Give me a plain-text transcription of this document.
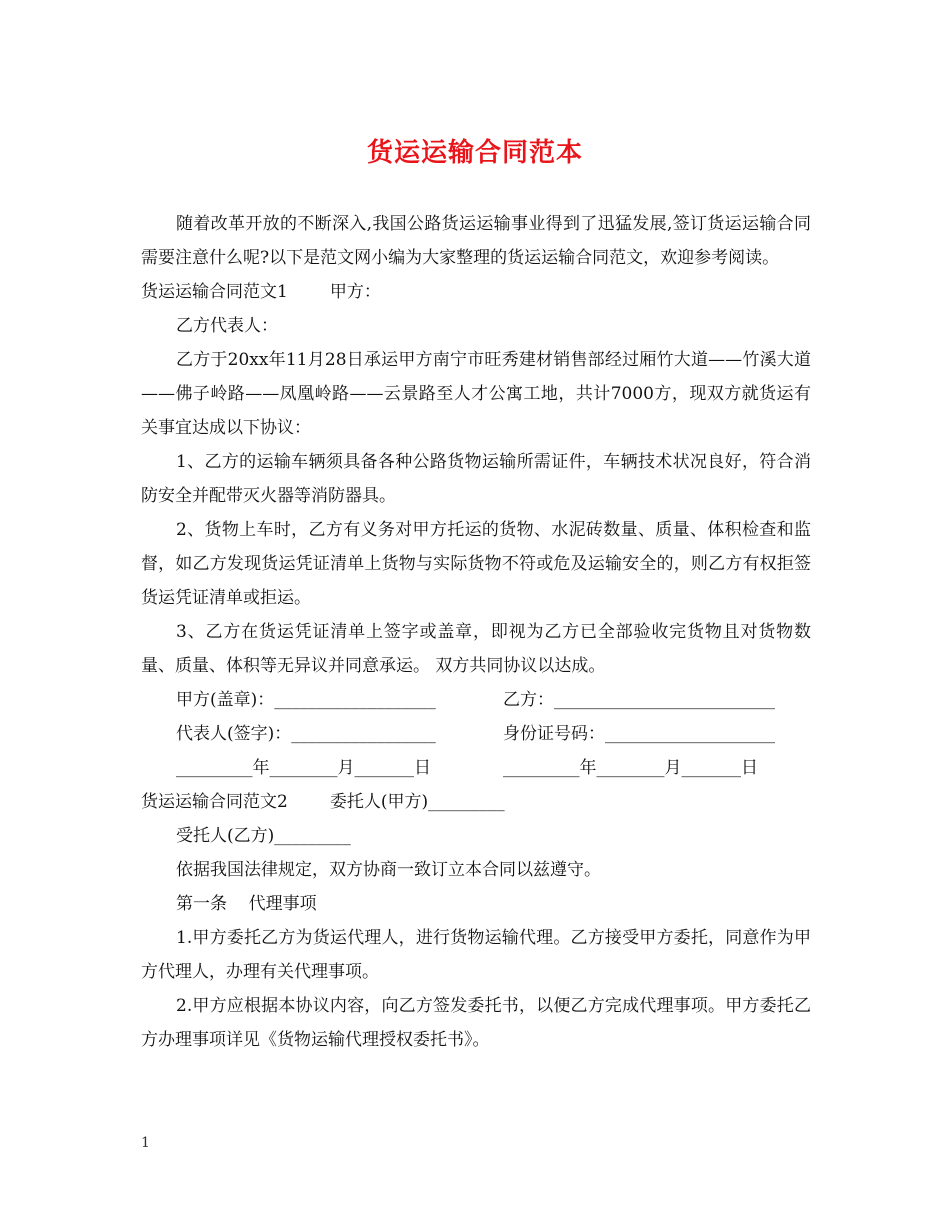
货运运输合同范本

随着改革开放的不断深入,我国公路货运运输事业得到了迅猛发展,签订货运运输合同需要注意什么呢?以下是范文网小编为大家整理的货运运输合同范文，欢迎参考阅读。

货运运输合同范文1 甲方：

乙方代表人：

乙方于20xx年11月28日承运甲方南宁市旺秀建材销售部经过厢竹大道——竹溪大道——佛子岭路——凤凰岭路——云景路至人才公寓工地，共计7000方，现双方就货运有关事宜达成以下协议：

1、乙方的运输车辆须具备各种公路货物运输所需证件，车辆技术状况良好，符合消防安全并配带灭火器等消防器具。

2、货物上车时，乙方有义务对甲方托运的货物、水泥砖数量、质量、体积检查和监督，如乙方发现货运凭证清单上货物与实际货物不符或危及运输安全的，则乙方有权拒签货运凭证清单或拒运。

3、乙方在货运凭证清单上签字或盖章，即视为乙方已全部验收完货物且对货物数量、质量、体积等无异议并同意承运。 双方共同协议以达成。

甲方(盖章)：___________________	乙方：__________________________
代表人(签字)：_________________	身份证号码：____________________
_________年________月_______日	_________年________月_______日

货运运输合同范文2 委托人(甲方)_________

受托人(乙方)_________

依据我国法律规定，双方协商一致订立本合同以兹遵守。

第一条    代理事项

1.甲方委托乙方为货运代理人，进行货物运输代理。乙方接受甲方委托，同意作为甲方代理人，办理有关代理事项。

2.甲方应根据本协议内容，向乙方签发委托书，以便乙方完成代理事项。甲方委托乙方办理事项详见《货物运输代理授权委托书》。

1
